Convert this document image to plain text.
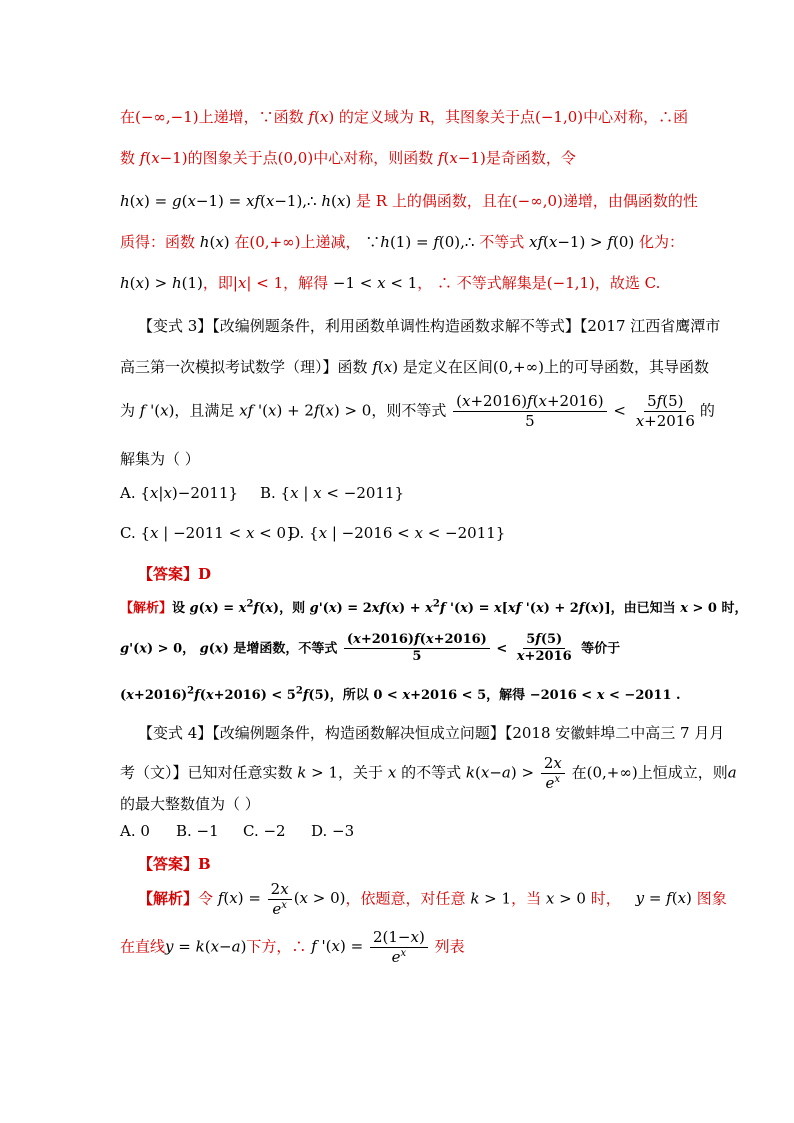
在(−∞,−1)上递增，∵函数 f(x) 的定义域为 R，其图象关于点(−1,0)中心对称，∴函
数 f(x−1)的图象关于点(0,0)中心对称，则函数 f(x−1)是奇函数，令
h(x) = g(x−1) = xf(x−1),∴ h(x) 是 R 上的偶函数，且在(−∞,0)递增，由偶函数的性
质得：函数 h(x) 在(0,+∞)上递减， ∵h(1) = f(0),∴ 不等式 xf(x−1) > f(0) 化为：
h(x) > h(1)，即|x| < 1，解得 −1 < x < 1， ∴ 不等式解集是(−1,1)，故选 C.
【变式 3】【改编例题条件，利用函数单调性构造函数求解不等式】【2017 江西省鹰潭市
高三第一次模拟考试数学（理）】函数 f(x) 是定义在区间(0,+∞)上的可导函数，其导函数
为 f '(x)，且满足 xf '(x) + 2f(x) > 0，则不等式 $\frac{(x+2016)f(x+2016)}{5} < \frac{5f(5)}{x+2016}$ 的
解集为（ ）
A. {x|x)−2011} B. {x | x < −2011}
C. {x | −2011 < x < 0}
D. {x | −2016 < x < −2011}
【答案】D
【解析】设 $g(x) = x^2f(x)$，则 $g'(x) = 2xf(x) + x^2f$ '(x) = x[xf '(x) + 2f(x)]，由已知当 x > 0 时，
g'(x) > 0， g(x) 是增函数，不等式 $\frac{(x+2016)f(x+2016)}{5} < \frac{5f(5)}{x+2016}$ 等价于
$(x+2016)^2f(x+2016) < 5^2f(5)$，所以 0 < x+2016 < 5，解得 −2016 < x < −2011 .
【变式 4】【改编例题条件，构造函数解决恒成立问题】【2018 安徽蚌埠二中高三 7 月月
考（文）】已知对任意实数 k > 1，关于 x 的不等式 $k(x-a) > \frac{2x}{e^x}$ 在(0,+∞)上恒成立，则a
的最大整数值为（ ）
A. 0 B. −1 C. −2 D. −3
【答案】B
【解析】令 $f(x) = \frac{2x}{e^x} (x > 0)$，依题意，对任意 k > 1，当 x > 0 时， y = f(x) 图象
在直线y = k(x−a)下方，∴ f '$(x) = \frac{2(1-x)}{e^x}$ 列表
